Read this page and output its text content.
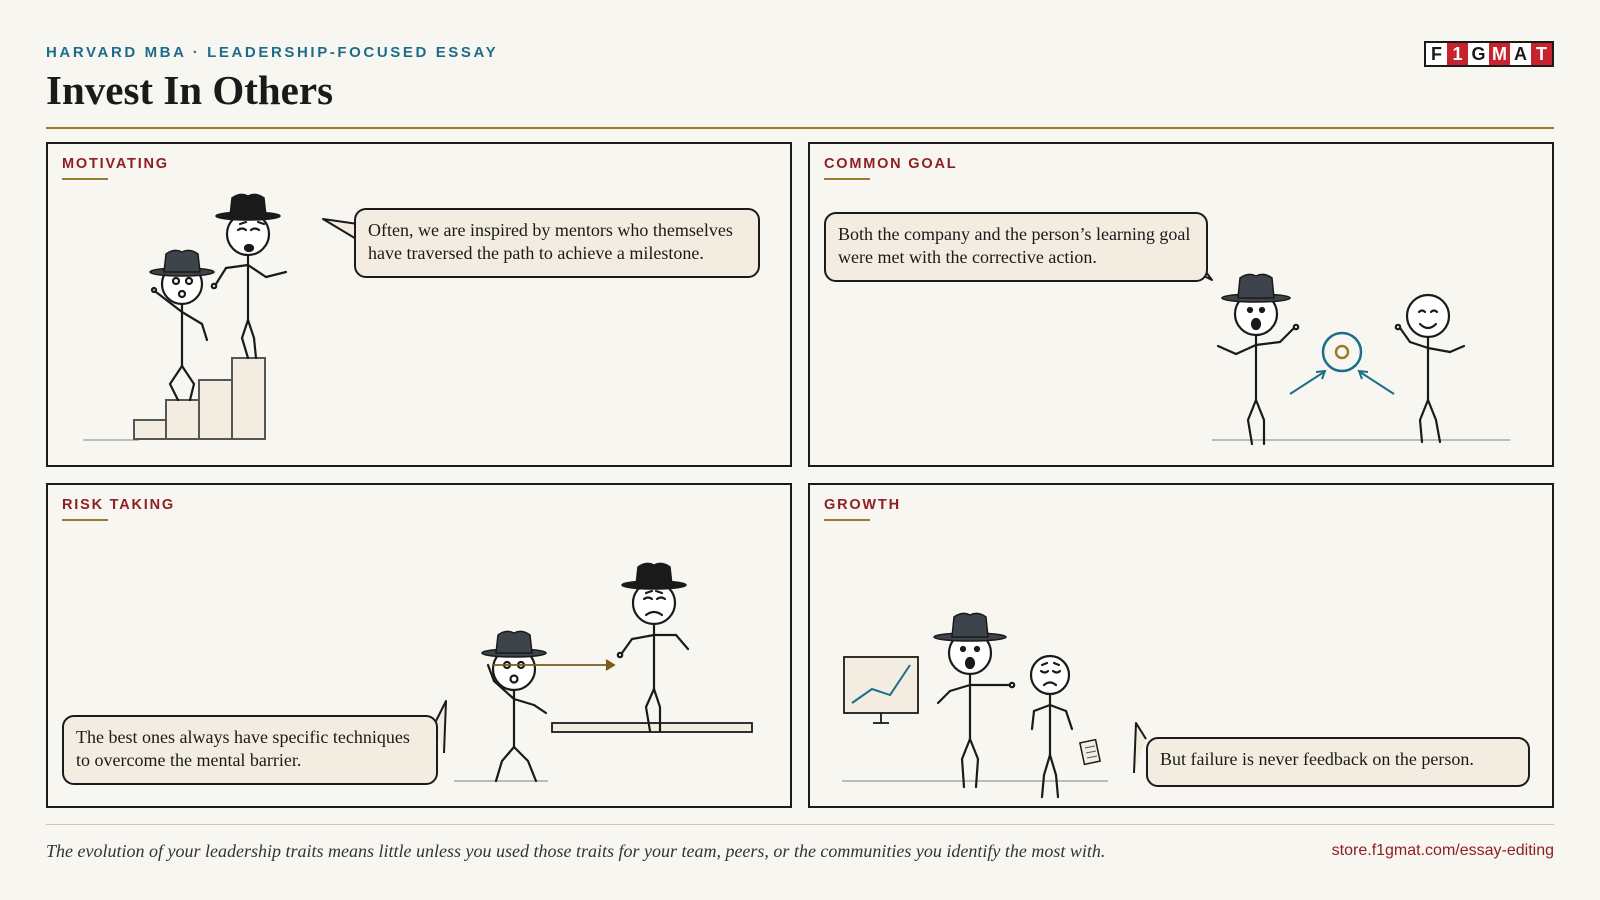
HARVARD MBA · LEADERSHIP-FOCUSED ESSAY
Invest In Others
F 1 G M A T
MOTIVATING
Often, we are inspired by mentors who themselves have traversed the path to achieve a milestone.
COMMON GOAL
Both the company and the person’s learning goal were met with the corrective action.
RISK TAKING
The best ones always have specific techniques to overcome the mental barrier.
GROWTH
But failure is never feedback on the person.
The evolution of your leadership traits means little unless you used those traits for your team, peers, or the communities you identify the most with.	store.f1gmat.com/essay-editing
